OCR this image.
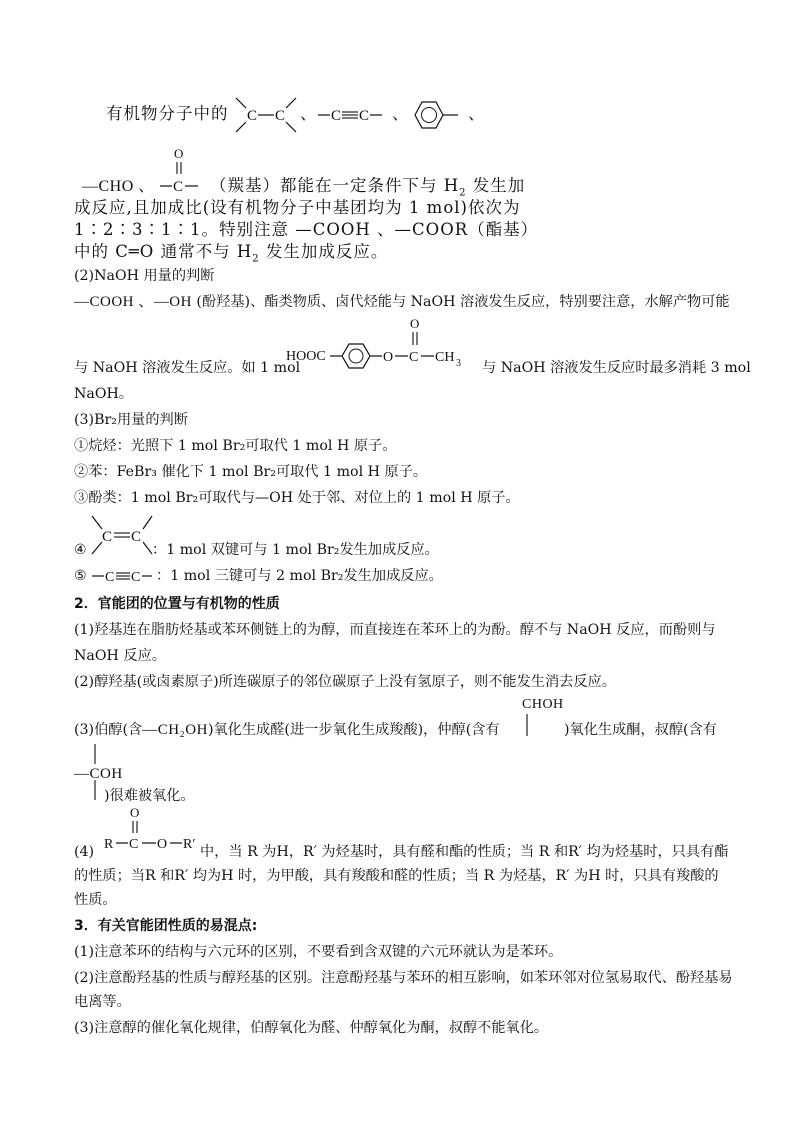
有机物分子中的 C C 、 C C 、	、
—CHO 、
O
C （羰基）都能在一定条件下与 $H_2$ 发生加
成反应,且加成比(设有机物分子中基团均为 1 mol)依次为
1∶2∶3∶1∶1。特别注意 —COOH 、—COOR（酯基）
中的 C═O 通常不与 $H_2$ 发生加成反应。
(2)NaOH 用量的判断
—COOH 、—OH (酚羟基)、酯类物质、卤代烃能与 NaOH 溶液发生反应，特别要注意，水解产物可能
与 NaOH 溶液发生反应。如 1 mol
HOOC	O C
O
CH 3 与 NaOH 溶液发生反应时最多消耗 3 mol
NaOH。
(3)Br₂用量的判断
①烷烃：光照下 1 mol Br₂可取代 1 mol H 原子。
②苯：FeBr₃ 催化下 1 mol Br₂可取代 1 mol H 原子。
③酚类：1 mol Br₂可取代与—OH 处于邻、对位上的 1 mol H 原子。
④
C C
：1 mol 双键可与 1 mol Br₂发生加成反应。
⑤ C C ：1 mol 三键可与 2 mol Br₂发生加成反应。
2．官能团的位置与有机物的性质
(1)羟基连在脂肪烃基或苯环侧链上的为醇，而直接连在苯环上的为酚。醇不与 NaOH 反应，而酚则与
NaOH 反应。
(2)醇羟基(或卤素原子)所连碳原子的邻位碳原子上没有氢原子，则不能发生消去反应。
(3)伯醇(含—CH₂OH)氧化生成醛(进一步氧化生成羧酸)，仲醇(含有
CHOH
)氧化生成酮，叔醇(含有
—COH
)很难被氧化。
(4) R C
O
O R′ 中，当 R 为H，R′ 为烃基时，具有醛和酯的性质；当 R 和R′ 均为烃基时，只具有酯
的性质；当R 和R′ 均为H 时，为甲酸，具有羧酸和醛的性质；当 R 为烃基，R′ 为H 时，只具有羧酸的
性质。
3．有关官能团性质的易混点:
(1)注意苯环的结构与六元环的区别，不要看到含双键的六元环就认为是苯环。
(2)注意酚羟基的性质与醇羟基的区别。注意酚羟基与苯环的相互影响，如苯环邻对位氢易取代、酚羟基易
电离等。
(3)注意醇的催化氧化规律，伯醇氧化为醛、仲醇氧化为酮，叔醇不能氧化。
